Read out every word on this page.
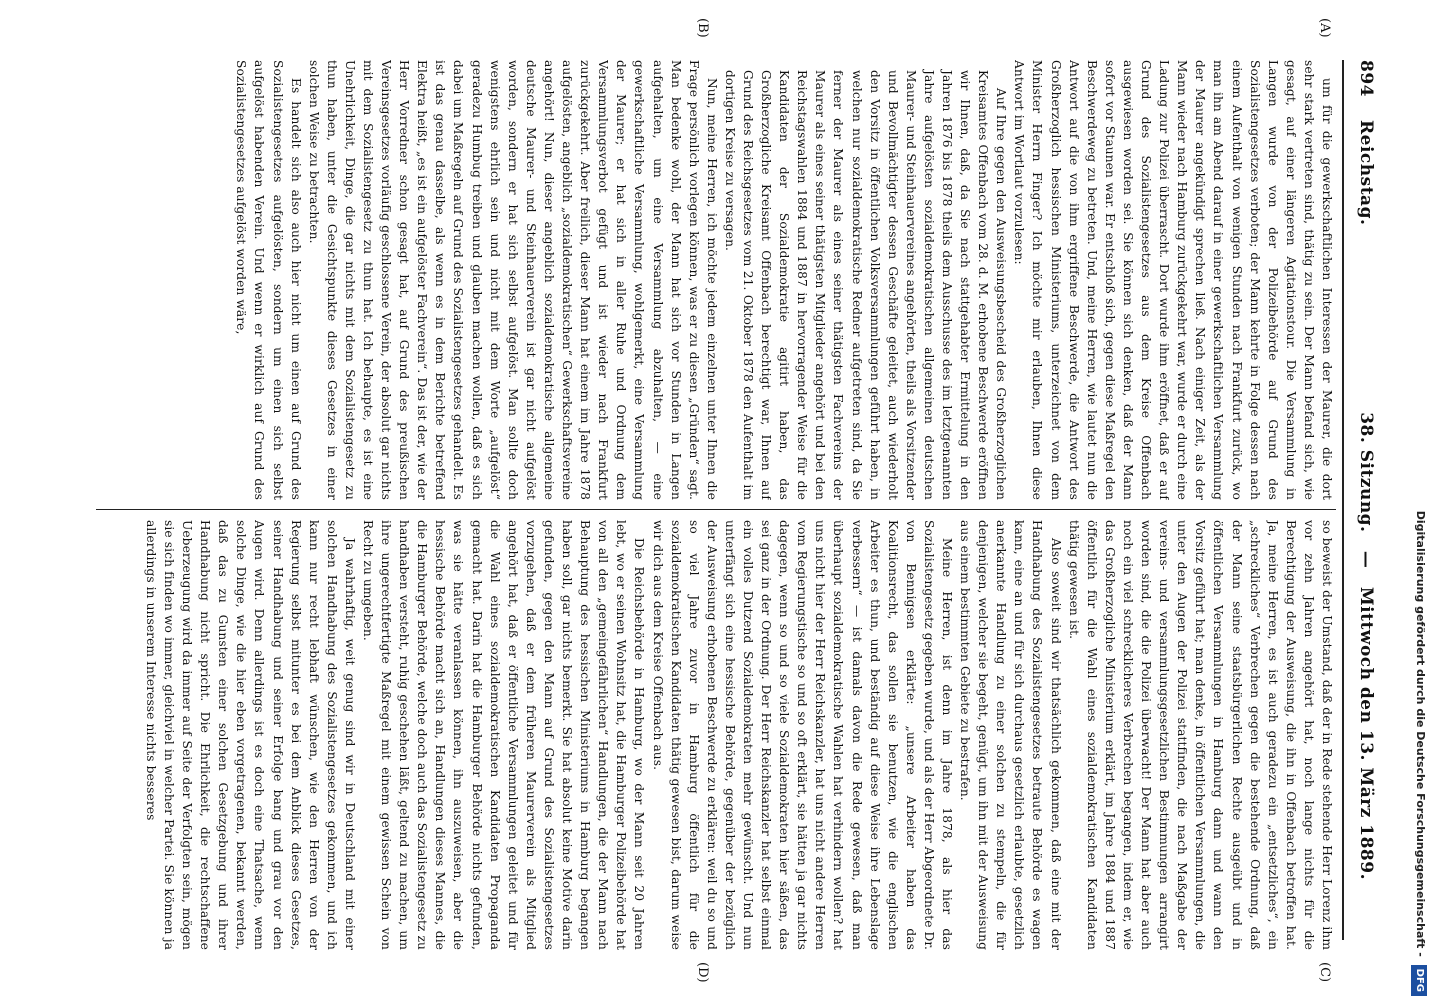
894
Reichstag.  38. Sitzung. — Mittwoch den 13. März 1889.
(A)
(B)
(C)
(D)

um für die gewerkschaftlichen Interessen der Maurer, die dort sehr stark vertreten sind, thätig zu sein. Der Mann befand sich, wie gesagt, auf einer längeren Agitationstour. Die Versammlung in Langen wurde von der Polizeibehörde auf Grund des Sozialistengesetzes verboten; der Mann kehrte in Folge dessen nach einem Aufenthalt von wenigen Stunden nach Frankfurt zurück, wo man ihn am Abend darauf in einer gewerkschaftlichen Versammlung der Maurer angekündigt sprechen ließ. Nach einiger Zeit, als der Mann wieder nach Hamburg zurückgekehrt war, wurde er durch eine Ladung zur Polizei überrascht. Dort wurde ihm eröffnet, daß er auf Grund des Sozialistengesetzes aus dem Kreise Offenbach ausgewiesen worden sei. Sie können sich denken, daß der Mann sofort vor Staunen war. Er entschloß sich, gegen diese Maßregel den Beschwerdeweg zu betreten. Und, meine Herren, wie lautet nun die Antwort auf die von ihm ergriffene Beschwerde, die Antwort des Großherzoglich hessischen Ministeriums, unterzeichnet von dem Minister Herrn Finger? Ich möchte mir erlauben, Ihnen diese Antwort im Wortlaut vorzulesen:

Auf Ihre gegen den Ausweisungsbescheid des Großherzoglichen Kreisamtes Offenbach vom 28. d. M. erhobene Beschwerde eröffnen wir Ihnen, daß, da Sie nach stattgehabter Ermittelung in den Jahren 1876 bis 1878 theils dem Ausschusse des im letztgenannten Jahre aufgelösten sozialdemokratischen allgemeinen deutschen Maurer- und Steinhauervereines angehörten, theils als Vorsitzender und Bevollmächtigter dessen Geschäfte geleitet, auch wiederholt den Vorsitz in öffentlichen Volksversammlungen geführt haben, in welchen nur sozialdemokratische Redner aufgetreten sind, da Sie ferner der Maurer als eines seiner thätigsten Fachvereins der Maurer als eines seiner thätigsten Mitglieder angehört und bei den Reichstagswahlen 1884 und 1887 in hervorragender Weise für die Kandidaten der Sozialdemokratie agitirt haben, das Großherzogliche Kreisamt Offenbach berechtigt war, Ihnen auf Grund des Reichsgesetzes vom 21. Oktober 1878 den Aufenthalt im dortigen Kreise zu versagen.

Nun, meine Herren, ich möchte jedem einzelnen unter Ihnen die Frage persönlich vorlegen können, was er zu diesen „Gründen“ sagt. Man bedenke wohl, der Mann hat sich vor Stunden in Langen aufgehalten, um eine Versammlung abzuhalten, — eine gewerkschaftliche Versammlung, wohlgemerkt, eine Versammlung der Maurer; er hat sich in aller Ruhe und Ordnung dem Versammlungsverbot gefügt und ist wieder nach Frankfurt zurückgekehrt. Aber freilich, dieser Mann hat einem im Jahre 1878 aufgelösten, angeblich „sozialdemokratischen“ Gewerkschaftsvereine angehört! Nun, dieser angeblich sozialdemokratische allgemeine deutsche Maurer- und Steinhauerverein ist gar nicht aufgelöst worden, sondern er hat sich selbst aufgelöst. Man sollte doch wenigstens ehrlich sein und nicht mit dem Worte „aufgelöst“ geradezu Humbug treiben und glauben machen wollen, daß es sich dabei um Maßregeln auf Grund des Sozialistengesetzes gehandelt. Es ist das genau dasselbe, als wenn es in dem Berichte betreffend Elektra heißt, „es ist ein aufgelöster Fachverein“. Das ist der, wie der Herr Vorredner schon gesagt hat, auf Grund des preußischen Vereinsgesetzes vorläufig geschlossene Verein, der absolut gar nichts mit dem Sozialistengesetz zu thun hat. Ich behaupte, es ist eine Unehrlichkeit, Dinge, die gar nichts mit dem Sozialistengesetz zu thun haben, unter die Gesichtspunkte dieses Gesetzes in einer solchen Weise zu betrachten.

Es handelt sich also auch hier nicht um einen auf Grund des Sozialistengesetzes aufgelösten, sondern um einen sich selbst aufgelöst habenden Verein. Und wenn er wirklich auf Grund des Sozialistengesetzes aufgelöst worden wäre,

so beweist der Umstand, daß der in Rede stehende Herr Lorenz ihm vor zehn Jahren angehört hat, noch lange nichts für die Berechtigung der Ausweisung, die ihn in Offenbach betroffen hat. Ja, meine Herren, es ist auch geradezu ein „entsetzliches“, ein „schreckliches“ Verbrechen gegen die bestehende Ordnung, daß der Mann seine staatsbürgerlichen Rechte ausgeübt und in öffentlichen Versammlungen in Hamburg dann und wann den Vorsitz geführt hat; man denke, in öffentlichen Versammlungen, die unter den Augen der Polizei stattfinden, die nach Maßgabe der vereins- und versammlungsgesetzlichen Bestimmungen arrangirt worden sind, die die Polizei überwacht! Der Mann hat aber auch noch ein viel schrecklicheres Verbrechen begangen, indem er, wie das Großherzogliche Ministerium erklärt, im Jahre 1884 und 1887 öffentlich für die Wahl eines sozialdemokratischen Kandidaten thätig gewesen ist.

Also soweit sind wir thatsächlich gekommen, daß eine mit der Handhabung des Sozialistengesetzes betraute Behörde es wagen kann, eine an und für sich durchaus gesetzlich erlaubte, gesetzlich anerkannte Handlung zu einer solchen zu stempeln, die für denjenigen, welcher sie begeht, genügt, um ihn mit der Ausweisung aus einem bestimmten Gebiete zu bestrafen.

Meine Herren, ist denn im Jahre 1878, als hier das Sozialistengesetz gegeben wurde, und als der Herr Abgeordnete Dr. von Bennigsen erklärte: „unsere Arbeiter haben das Koalitionsrecht, das sollen sie benutzen, wie die englischen Arbeiter es thun, und beständig auf diese Weise ihre Lebenslage verbessern“ — ist damals davon die Rede gewesen, daß man überhaupt sozialdemokratische Wahlen hat verhindern wollen? hat uns nicht hier der Herr Reichskanzler, hat uns nicht andere Herren vom Regierungstische so und so oft erklärt, sie hätten ja gar nichts dagegen, wenn so und so viele Sozialdemokraten hier säßen, das sei ganz in der Ordnung. Der Herr Reichskanzler hat selbst einmal ein volles Dutzend Sozialdemokraten mehr gewünscht. Und nun unterfängt sich eine hessische Behörde, gegenüber der bezüglich der Ausweisung erhobenen Beschwerde zu erklären: weil du so und so viel Jahre zuvor in Hamburg öffentlich für die sozialdemokratischen Kandidaten thätig gewesen bist, darum weise wir dich aus dem Kreise Offenbach aus.

Die Reichsbehörde in Hamburg, wo der Mann seit 20 Jahren lebt, wo er seinen Wohnsitz hat, die Hamburger Polizeibehörde hat von all den „gemeingefährlichen“ Handlungen, die der Mann nach Behauptung des hessischen Ministeriums in Hamburg begangen haben soll, gar nichts bemerkt. Sie hat absolut keine Motive darin gefunden, gegen den Mann auf Grund des Sozialistengesetzes vorzugehen, daß er dem früheren Maurerverein als Mitglied angehört hat, daß er öffentliche Versammlungen geleitet und für die Wahl eines sozialdemokratischen Kandidaten Propaganda gemacht hat. Darin hat die Hamburger Behörde nichts gefunden, was sie hätte veranlassen können, ihn auszuweisen, aber die hessische Behörde macht sich an, Handlungen dieses Mannes, die die Hamburger Behörde, welche doch auch das Sozialistengesetz zu handhaben versteht, ruhig geschehen läßt, geltend zu machen, um ihre ungerechtfertigte Maßregel mit einem gewissen Schein von Recht zu umgeben.

Ja wahrhaftig, weit genug sind wir in Deutschland mit einer solchen Handhabung des Sozialistengesetzes gekommen, und ich kann nur recht lebhaft wünschen, wie den Herren von der Regierung selbst mitunter es bei dem Anblick dieses Gesetzes, seiner Handhabung und seiner Erfolge bang und grau vor den Augen wird. Denn allerdings ist es doch eine Thatsache, wenn solche Dinge, wie die hier eben vorgetragenen, bekannt werden, daß das zu Gunsten einer solchen Gesetzgebung und ihrer Handhabung nicht spricht. Die Ehrlichkeit, die rechtschaffene Ueberzeugung wird da immer auf Seite der Verfolgten sein, mögen sie sich finden wo immer, gleichviel in welcher Partei. Sie können ja allerdings in unserem Interesse nichts besseres	Digitalisierung gefördert durch die Deutsche Forschungsgemeinschaft - DFG
